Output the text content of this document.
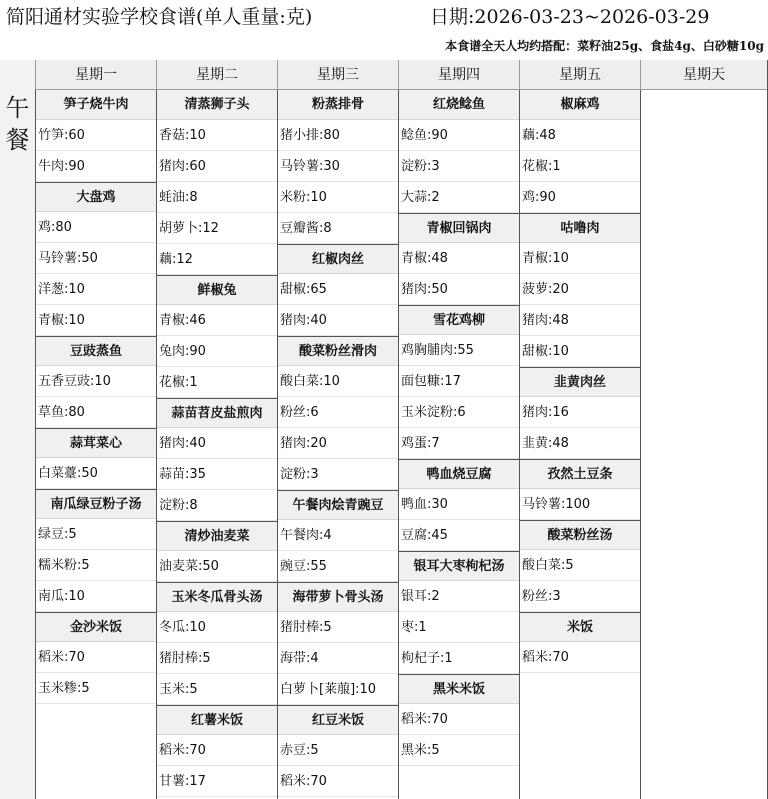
简阳通材实验学校食谱(单人重量:克)	日期:2026-03-23~2026-03-29
本食谱全天人均约搭配：菜籽油25g、食盐4g、白砂糖10g
午
餐
星期一
笋子烧牛肉
竹笋:60
牛肉:90
大盘鸡
鸡:80
马铃薯:50
洋葱:10
青椒:10
豆豉蒸鱼
五香豆豉:10
草鱼:80
蒜茸菜心
白菜薹:50
南瓜绿豆粉子汤
绿豆:5
糯米粉:5
南瓜:10
金沙米饭
稻米:70
玉米糁:5
星期二
清蒸狮子头
香菇:10
猪肉:60
蚝油:8
胡萝卜:12
藕:12
鲜椒兔
青椒:46
兔肉:90
花椒:1
蒜苗苕皮盐煎肉
猪肉:40
蒜苗:35
淀粉:8
清炒油麦菜
油麦菜:50
玉米冬瓜骨头汤
冬瓜:10
猪肘棒:5
玉米:5
红薯米饭
稻米:70
甘薯:17
星期三
粉蒸排骨
猪小排:80
马铃薯:30
米粉:10
豆瓣酱:8
红椒肉丝
甜椒:65
猪肉:40
酸菜粉丝滑肉
酸白菜:10
粉丝:6
猪肉:20
淀粉:3
午餐肉烩青豌豆
午餐肉:4
豌豆:55
海带萝卜骨头汤
猪肘棒:5
海带:4
白萝卜[莱菔]:10
红豆米饭
赤豆:5
稻米:70
星期四
红烧鲶鱼
鲶鱼:90
淀粉:3
大蒜:2
青椒回锅肉
青椒:48
猪肉:50
雪花鸡柳
鸡胸脯肉:55
面包糠:17
玉米淀粉:6
鸡蛋:7
鸭血烧豆腐
鸭血:30
豆腐:45
银耳大枣枸杞汤
银耳:2
枣:1
枸杞子:1
黑米米饭
稻米:70
黑米:5
星期五
椒麻鸡
藕:48
花椒:1
鸡:90
咕噜肉
青椒:10
菠萝:20
猪肉:48
甜椒:10
韭黄肉丝
猪肉:16
韭黄:48
孜然土豆条
马铃薯:100
酸菜粉丝汤
酸白菜:5
粉丝:3
米饭
稻米:70
星期天
